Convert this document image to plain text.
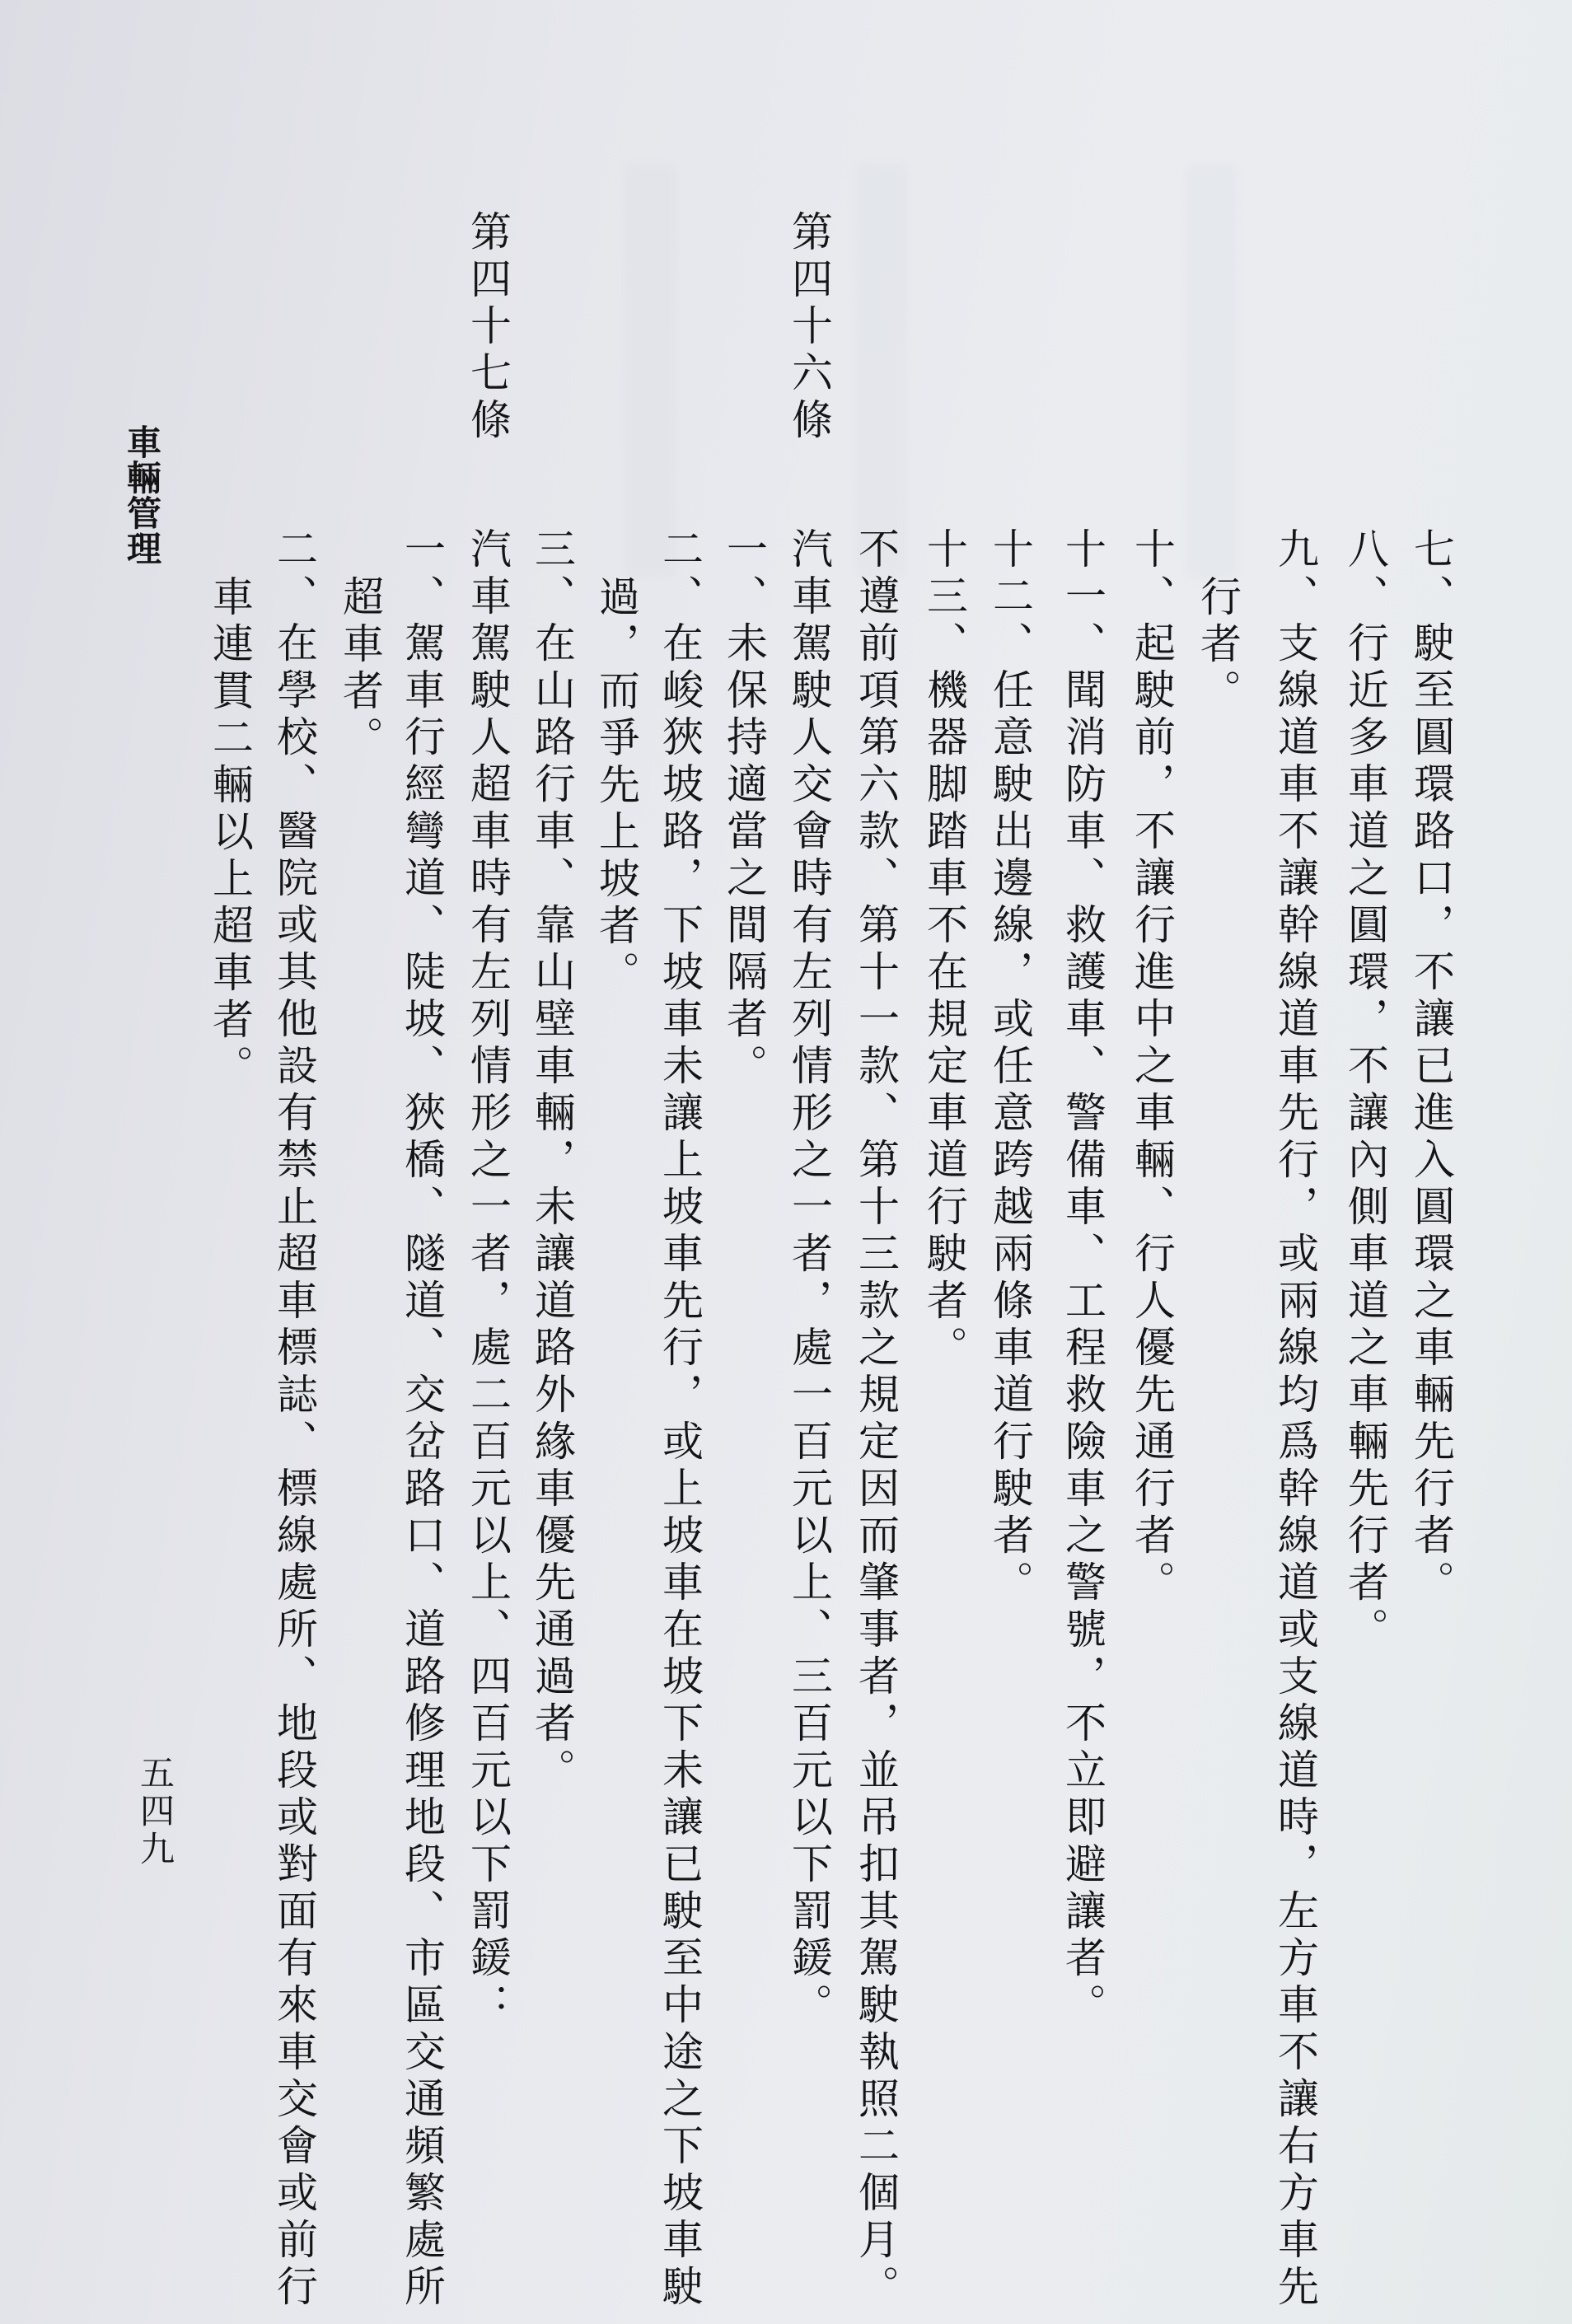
七、駛至圓環路口，不讓已進入圓環之車輛先行者。
八、行近多車道之圓環，不讓內側車道之車輛先行者。
九、支線道車不讓幹線道車先行，或兩線均爲幹線道或支線道時，左方車不讓右方車先
行者。
十、起駛前，不讓行進中之車輛、行人優先通行者。
十一、聞消防車、救護車、警備車、工程救險車之警號，不立即避讓者。
十二、任意駛出邊線，或任意跨越兩條車道行駛者。
十三、機器脚踏車不在規定車道行駛者。
不遵前項第六款、第十一款、第十三款之規定因而肇事者，並吊扣其駕駛執照二個月。
第四十六條
汽車駕駛人交會時有左列情形之一者，處一百元以上、三百元以下罰鍰。
一、未保持適當之間隔者。
二、在峻狹坡路，下坡車未讓上坡車先行，或上坡車在坡下未讓已駛至中途之下坡車駛
過，而爭先上坡者。
三、在山路行車、靠山壁車輛，未讓道路外緣車優先通過者。
第四十七條
汽車駕駛人超車時有左列情形之一者，處二百元以上、四百元以下罰鍰：
一、駕車行經彎道、陡坡、狹橋、隧道、交岔路口、道路修理地段、市區交通頻繁處所
超車者。
二、在學校、醫院或其他設有禁止超車標誌、標線處所、地段或對面有來車交會或前行
車連貫二輛以上超車者。
車輛管理
五四九
